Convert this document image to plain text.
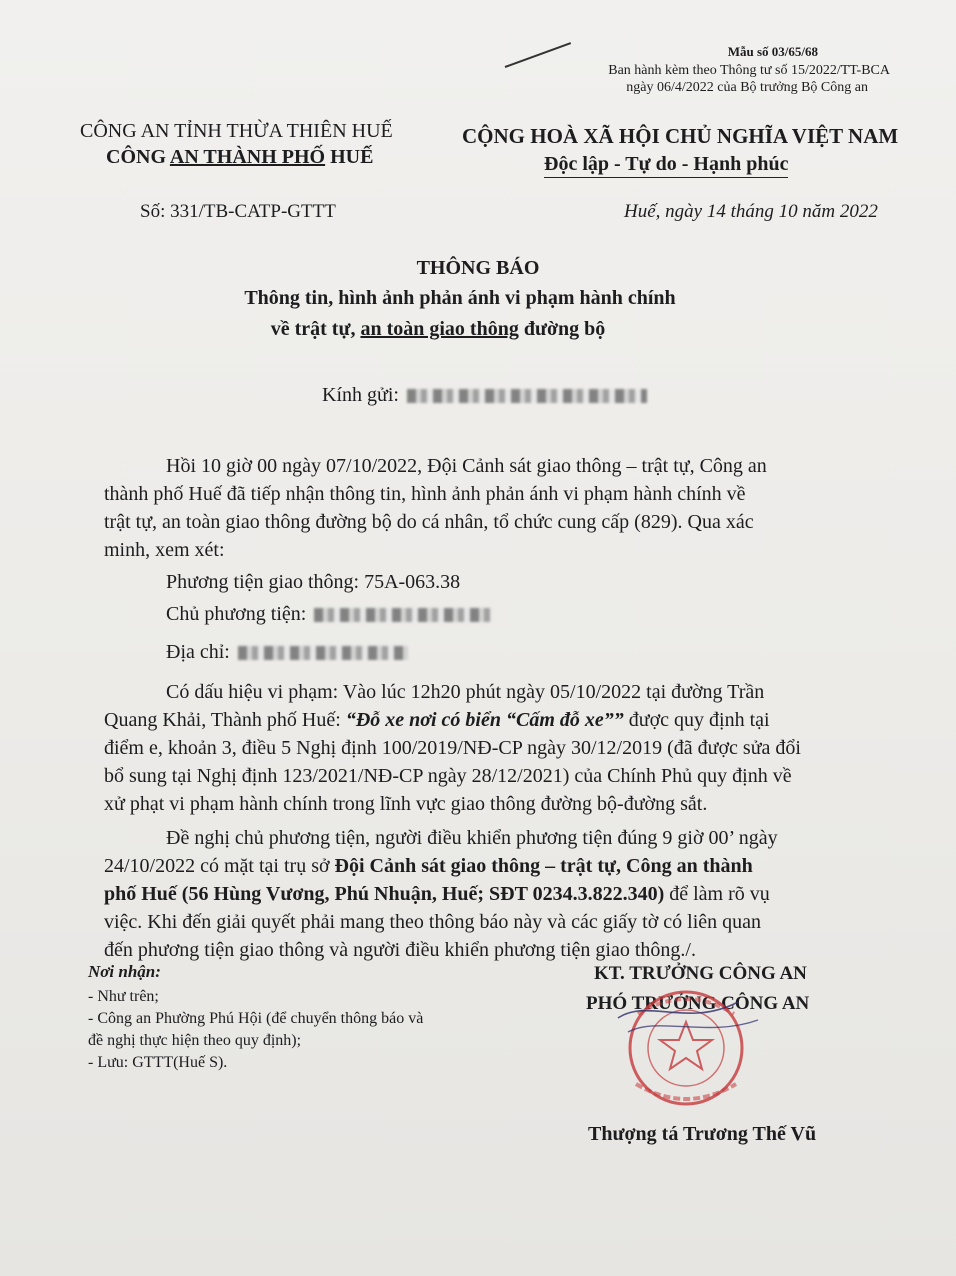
Mẫu số 03/65/68
Ban hành kèm theo Thông tư số 15/2022/TT-BCA
ngày 06/4/2022 của Bộ trưởng Bộ Công an
CÔNG AN TỈNH THỪA THIÊN HUẾ
CÔNG AN THÀNH PHỐ HUẾ
CỘNG HOÀ XÃ HỘI CHỦ NGHĨA VIỆT NAM
Độc lập - Tự do - Hạnh phúc
Số: 331/TB-CATP-GTTT	Huế, ngày 14 tháng 10 năm 2022
THÔNG BÁO
Thông tin, hình ảnh phản ánh vi phạm hành chính
về trật tự, an toàn giao thông đường bộ
Kính gửi:
Hồi 10 giờ 00 ngày 07/10/2022, Đội Cảnh sát giao thông – trật tự, Công an
thành phố Huế đã tiếp nhận thông tin, hình ảnh phản ánh vi phạm hành chính về
trật tự, an toàn giao thông đường bộ do cá nhân, tổ chức cung cấp (829). Qua xác
minh, xem xét:
Phương tiện giao thông: 75A-063.38
Chủ phương tiện:
Địa chỉ:
Có dấu hiệu vi phạm: Vào lúc 12h20 phút ngày 05/10/2022 tại đường Trần
Quang Khải, Thành phố Huế: “Đỗ xe nơi có biển “Cấm đỗ xe”” được quy định tại
điểm e, khoản 3, điều 5 Nghị định 100/2019/NĐ-CP ngày 30/12/2019 (đã được sửa đổi
bổ sung tại Nghị định 123/2021/NĐ-CP ngày 28/12/2021) của Chính Phủ quy định về
xử phạt vi phạm hành chính trong lĩnh vực giao thông đường bộ-đường sắt.
Đề nghị chủ phương tiện, người điều khiển phương tiện đúng 9 giờ 00’ ngày
24/10/2022 có mặt tại trụ sở Đội Cảnh sát giao thông – trật tự, Công an thành
phố Huế (56 Hùng Vương, Phú Nhuận, Huế; SĐT 0234.3.822.340) để làm rõ vụ
việc. Khi đến giải quyết phải mang theo thông báo này và các giấy tờ có liên quan
đến phương tiện giao thông và người điều khiển phương tiện giao thông./.
Nơi nhận:
- Như trên;
- Công an Phường Phú Hội (để chuyển thông báo và
đề nghị thực hiện theo quy định);
- Lưu: GTTT(Huế S).
KT. TRƯỞNG CÔNG AN
PHÓ TRƯỞNG CÔNG AN
Thượng tá Trương Thế Vũ
